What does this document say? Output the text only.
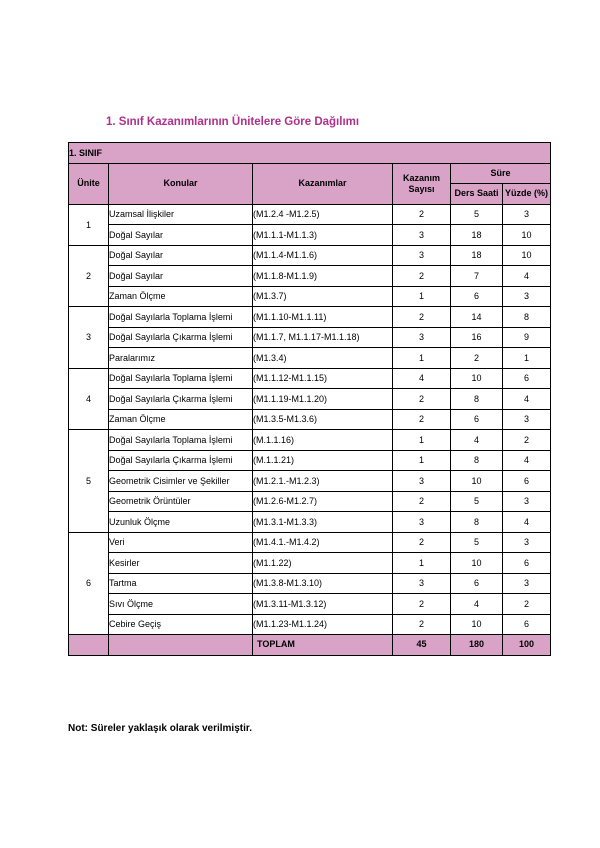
1. Sınıf Kazanımlarının Ünitelere Göre Dağılımı
1. SINIF					
Ünite	Konular	Kazanımlar	Kazanım Sayısı	Süre	
				Ders Saati	Yüzde (%)
1	Uzamsal İlişkiler	(M1.2.4 -M1.2.5)	2	5	3
	Doğal Sayılar	(M1.1.1-M1.1.3)	3	18	10
2	Doğal Sayılar	(M1.1.4-M1.1.6)	3	18	10
	Doğal Sayılar	(M1.1.8-M1.1.9)	2	7	4
	Zaman Ölçme	(M1.3.7)	1	6	3
3	Doğal Sayılarla Toplama İşlemi	(M1.1.10-M1.1.11)	2	14	8
	Doğal Sayılarla Çıkarma İşlemi	(M1.1.7, M1.1.17-M1.1.18)	3	16	9
	Paralarımız	(M1.3.4)	1	2	1
4	Doğal Sayılarla Toplama İşlemi	(M1.1.12-M1.1.15)	4	10	6
	Doğal Sayılarla Çıkarma İşlemi	(M1.1.19-M1.1.20)	2	8	4
	Zaman Ölçme	(M1.3.5-M1.3.6)	2	6	3
5	Doğal Sayılarla Toplama İşlemi	(M.1.1.16)	1	4	2
	Doğal Sayılarla Çıkarma İşlemi	(M.1.1.21)	1	8	4
	Geometrik Cisimler ve Şekiller	(M1.2.1.-M1.2.3)	3	10	6
	Geometrik Örüntüler	(M1.2.6-M1.2.7)	2	5	3
	Uzunluk Ölçme	(M1.3.1-M1.3.3)	3	8	4
6	Veri	(M1.4.1.-M1.4.2)	2	5	3
	Kesirler	(M1.1.22)	1	10	6
	Tartma	(M1.3.8-M1.3.10)	3	6	3
	Sıvı Ölçme	(M1.3.11-M1.3.12)	2	4	2
	Cebire Geçiş	(M1.1.23-M1.1.24)	2	10	6
		TOPLAM	45	180	100
Not: Süreler yaklaşık olarak verilmiştir.
